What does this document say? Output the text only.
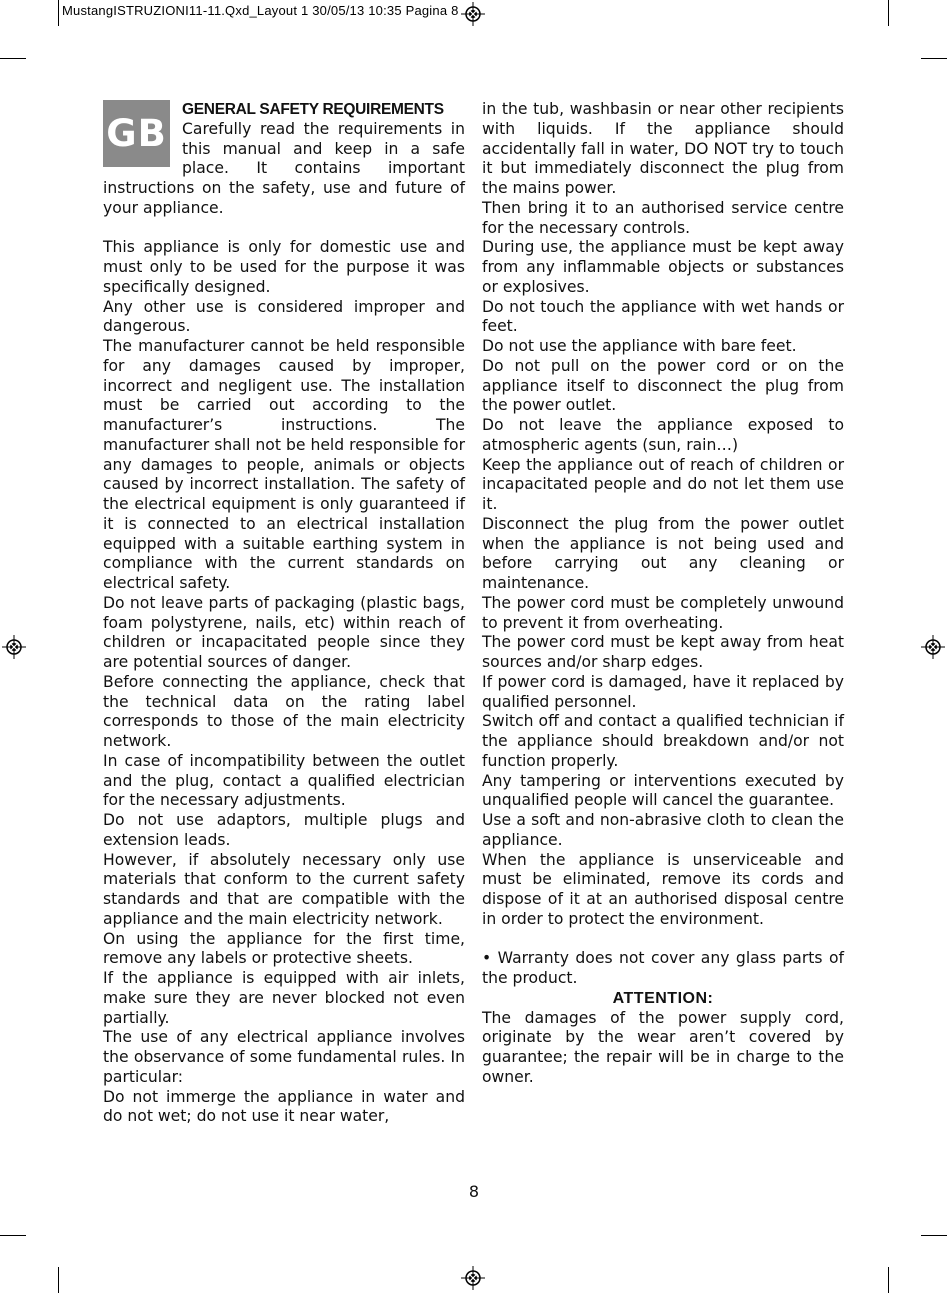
MustangISTRUZIONI11-11.Qxd_Layout 1 30/05/13 10:35 Pagina 8
GB
GENERAL SAFETY REQUIREMENTS

Carefully read the requirements in this manual and keep in a safe place. It contains important instructions on the safety, use and future of your appliance.

This appliance is only for domestic use and must only to be used for the purpose it was specifically designed.

Any other use is considered improper and dangerous.

The manufacturer cannot be held responsible for any damages caused by improper, incorrect and negligent use. The installation must be carried out according to the manufacturer’s instructions. The manufacturer shall not be held responsible for any damages to people, animals or objects caused by incorrect installation. The safety of the electrical equipment is only guaranteed if it is connected to an electrical installation equipped with a suitable earthing system in compliance with the current standards on electrical safety.

Do not leave parts of packaging (plastic bags, foam polystyrene, nails, etc) within reach of children or incapacitated people since they are potential sources of danger.

Before connecting the appliance, check that the technical data on the rating label corresponds to those of the main electricity network.

In case of incompatibility between the outlet and the plug, contact a qualified electrician for the necessary adjustments.

Do not use adaptors, multiple plugs and extension leads.

However, if absolutely necessary only use materials that conform to the current safety standards and that are compatible with the appliance and the main electricity network.

On using the appliance for the first time, remove any labels or protective sheets.

If the appliance is equipped with air inlets, make sure they are never blocked not even partially.

The use of any electrical appliance involves the observance of some fundamental rules. In particular:

Do not immerge the appliance in water and do not wet; do not use it near water,

in the tub, washbasin or near other recipients with liquids. If the appliance should accidentally fall in water, DO NOT try to touch it but immediately disconnect the plug from the mains power.

Then bring it to an authorised service centre for the necessary controls.

During use, the appliance must be kept away from any inflammable objects or substances or explosives.

Do not touch the appliance with wet hands or feet.

Do not use the appliance with bare feet.

Do not pull on the power cord or on the appliance itself to disconnect the plug from the power outlet.

Do not leave the appliance exposed to atmospheric agents (sun, rain…)

Keep the appliance out of reach of children or incapacitated people and do not let them use it.

Disconnect the plug from the power outlet when the appliance is not being used and before carrying out any cleaning or maintenance.

The power cord must be completely unwound to prevent it from overheating.

The power cord must be kept away from heat sources and/or sharp edges.

If power cord is damaged, have it replaced by qualified personnel.

Switch off and contact a qualified technician if the appliance should breakdown and/or not function properly.

Any tampering or interventions executed by unqualified people will cancel the guarantee.

Use a soft and non-abrasive cloth to clean the appliance.

When the appliance is unserviceable and must be eliminated, remove its cords and dispose of it at an authorised disposal centre in order to protect the environment.

• Warranty does not cover any glass parts of the product.

ATTENTION:

The damages of the power supply cord, originate by the wear aren’t covered by guarantee; the repair will be in charge to the owner.

8
